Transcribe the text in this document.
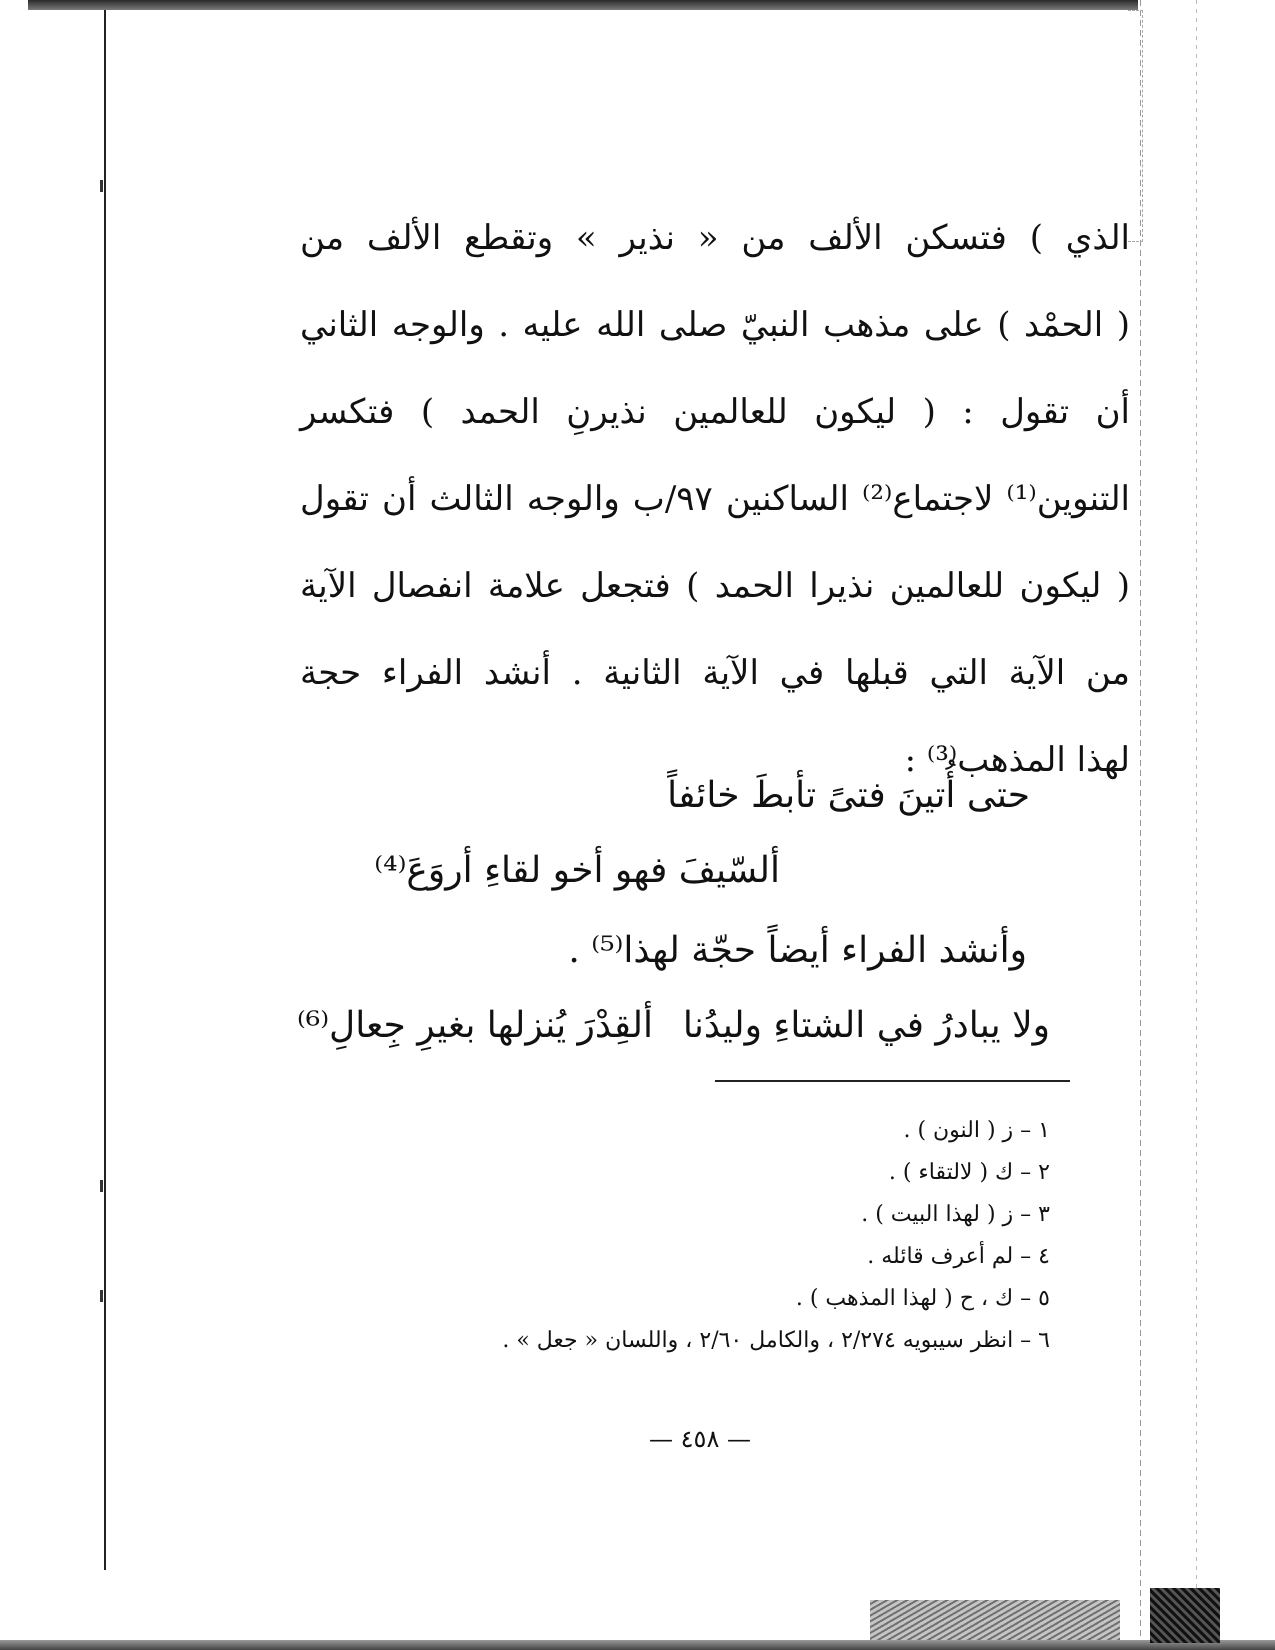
الذي ) فتسكن الألف من « نذير » وتقطع الألف من
( الحمْد ) على مذهب النبيّ صلى الله عليه . والوجه الثاني
أن تقول : ( ليكون للعالمين نذيرنِ الحمد ) فتكسر
التنوين⁽¹⁾ لاجتماع⁽²⁾ الساكنين ٩٧/ب والوجه الثالث أن تقول
( ليكون للعالمين نذيرا الحمد ) فتجعل علامة انفصال الآية
من الآية التي قبلها في الآية الثانية . أنشد الفراء حجة
لهذا المذهب⁽³⁾ :
حتى أُتينَ فتىً تأبطَ خائفاً
ألسّيفَ فهو أخو لقاءِ أروَعَ⁽⁴⁾
وأنشد الفراء أيضاً حجّة لهذا⁽⁵⁾ .
ولا يبادرُ في الشتاءِ وليدُنا
ألقِدْرَ يُنزلها بغيرِ جِعالِ⁽⁶⁾
١ – ز ( النون ) .
٢ – ك ( لالتقاء ) .
٣ – ز ( لهذا البيت ) .
٤ – لم أعرف قائله .
٥ – ك ، ح ( لهذا المذهب ) .
٦ – انظر سيبويه ٢/٢٧٤ ، والكامل ٢/٦٠ ، واللسان « جعل » .
— ٤٥٨ —
